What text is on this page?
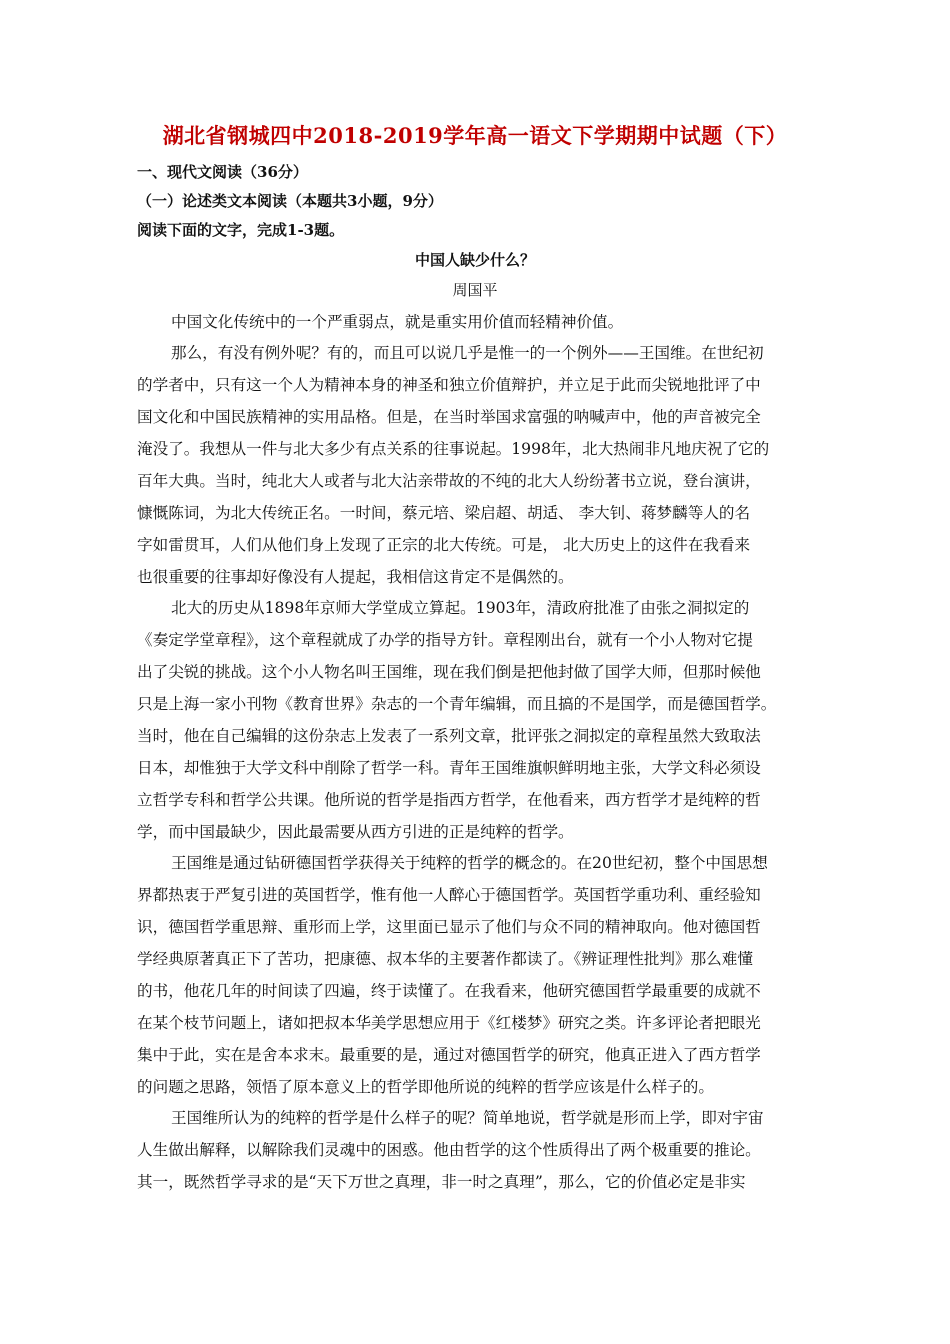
湖北省钢城四中2018-2019学年高一语文下学期期中试题（下）
一、现代文阅读（36分）
（一）论述类文本阅读（本题共3小题，9分）
阅读下面的文字，完成1-3题。
中国人缺少什么？
周国平
中国文化传统中的一个严重弱点，就是重实用价值而轻精神价值。
那么，有没有例外呢？有的，而且可以说几乎是惟一的一个例外——王国维。在世纪初
的学者中，只有这一个人为精神本身的神圣和独立价值辩护，并立足于此而尖锐地批评了中
国文化和中国民族精神的实用品格。但是，在当时举国求富强的呐喊声中，他的声音被完全
淹没了。我想从一件与北大多少有点关系的往事说起。1998年，北大热闹非凡地庆祝了它的
百年大典。当时，纯北大人或者与北大沾亲带故的不纯的北大人纷纷著书立说，登台演讲，
慷慨陈词，为北大传统正名。一时间，蔡元培、梁启超、胡适、 李大钊、蒋梦麟等人的名
字如雷贯耳，人们从他们身上发现了正宗的北大传统。可是， 北大历史上的这件在我看来
也很重要的往事却好像没有人提起，我相信这肯定不是偶然的。
北大的历史从1898年京师大学堂成立算起。1903年，清政府批准了由张之洞拟定的
《奏定学堂章程》，这个章程就成了办学的指导方针。章程刚出台，就有一个小人物对它提
出了尖锐的挑战。这个小人物名叫王国维，现在我们倒是把他封做了国学大师，但那时候他
只是上海一家小刊物《教育世界》杂志的一个青年编辑，而且搞的不是国学，而是德国哲学。
当时，他在自己编辑的这份杂志上发表了一系列文章，批评张之洞拟定的章程虽然大致取法
日本，却惟独于大学文科中削除了哲学一科。青年王国维旗帜鲜明地主张，大学文科必须设
立哲学专科和哲学公共课。他所说的哲学是指西方哲学，在他看来，西方哲学才是纯粹的哲
学，而中国最缺少，因此最需要从西方引进的正是纯粹的哲学。
王国维是通过钻研德国哲学获得关于纯粹的哲学的概念的。在20世纪初，整个中国思想
界都热衷于严复引进的英国哲学，惟有他一人醉心于德国哲学。英国哲学重功利、重经验知
识，德国哲学重思辩、重形而上学，这里面已显示了他们与众不同的精神取向。他对德国哲
学经典原著真正下了苦功，把康德、叔本华的主要著作都读了。《辨证理性批判》那么难懂
的书，他花几年的时间读了四遍，终于读懂了。在我看来，他研究德国哲学最重要的成就不
在某个枝节问题上，诸如把叔本华美学思想应用于《红楼梦》研究之类。许多评论者把眼光
集中于此，实在是舍本求末。最重要的是，通过对德国哲学的研究，他真正进入了西方哲学
的问题之思路，领悟了原本意义上的哲学即他所说的纯粹的哲学应该是什么样子的。
王国维所认为的纯粹的哲学是什么样子的呢？简单地说，哲学就是形而上学，即对宇宙
人生做出解释，以解除我们灵魂中的困惑。他由哲学的这个性质得出了两个极重要的推论。
其一，既然哲学寻求的是“天下万世之真理，非一时之真理”，那么，它的价值必定是非实
